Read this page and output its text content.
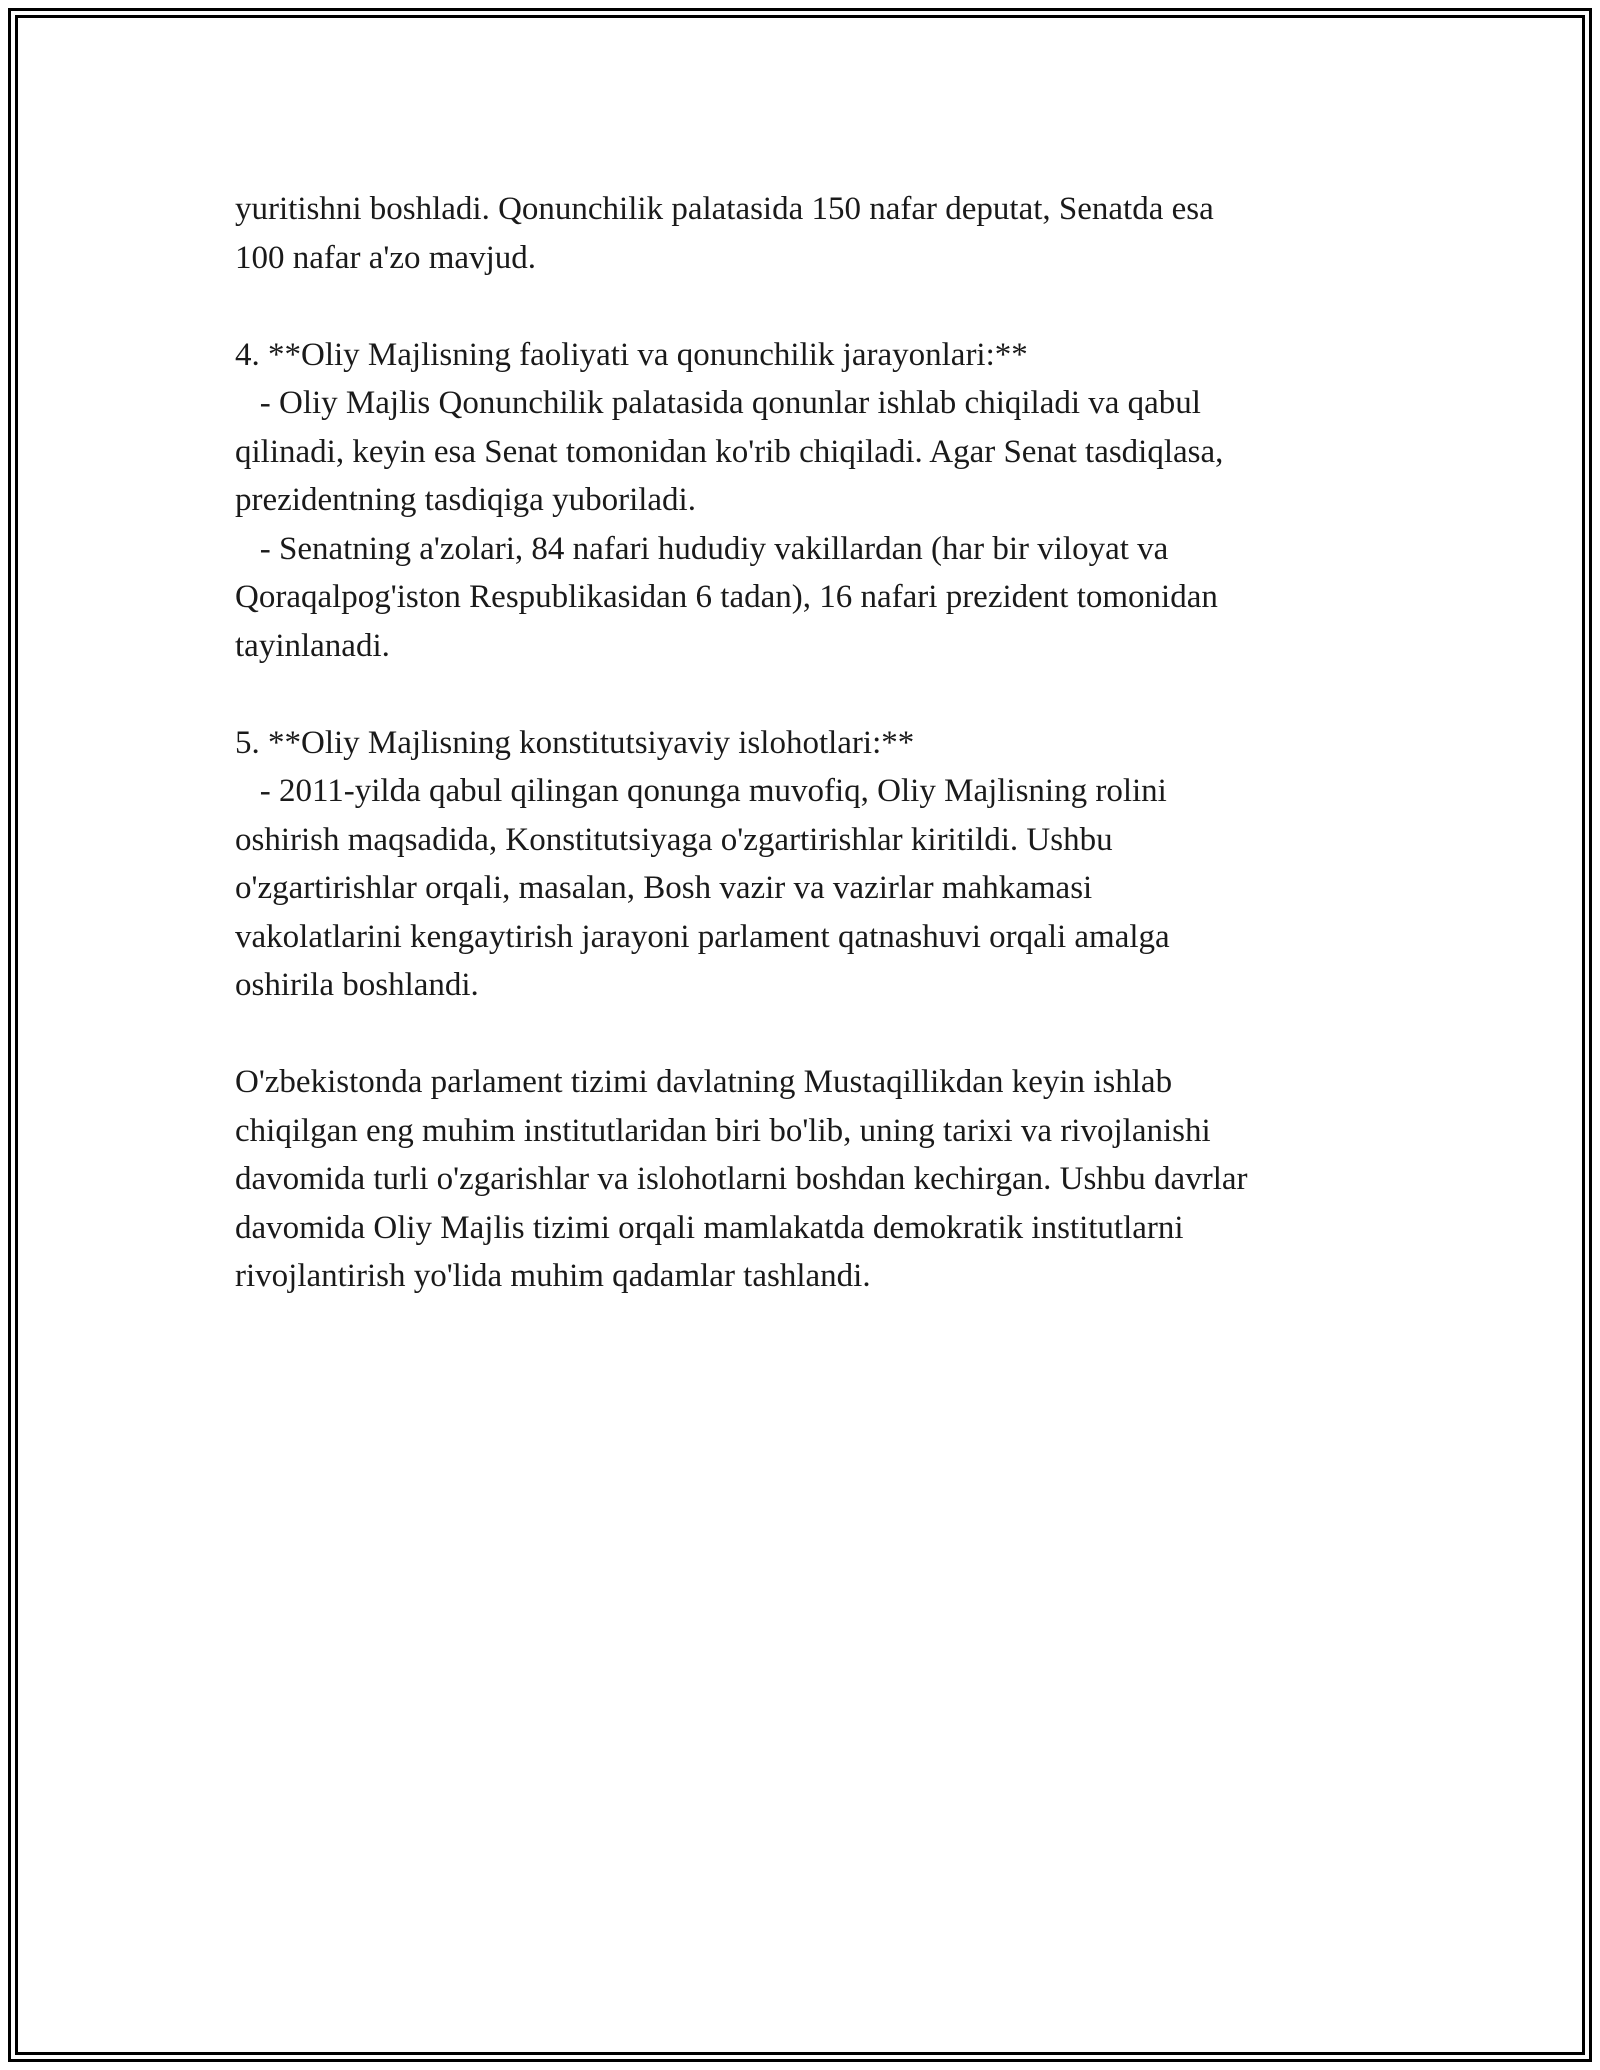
yuritishni boshladi. Qonunchilik palatasida 150 nafar deputat, Senatda esa
100 nafar a'zo mavjud.
4. **Oliy Majlisning faoliyati va qonunchilik jarayonlari:**
- Oliy Majlis Qonunchilik palatasida qonunlar ishlab chiqiladi va qabul
qilinadi, keyin esa Senat tomonidan ko'rib chiqiladi. Agar Senat tasdiqlasa,
prezidentning tasdiqiga yuboriladi.
- Senatning a'zolari, 84 nafari hududiy vakillardan (har bir viloyat va
Qoraqalpog'iston Respublikasidan 6 tadan), 16 nafari prezident tomonidan
tayinlanadi.
5. **Oliy Majlisning konstitutsiyaviy islohotlari:**
- 2011-yilda qabul qilingan qonunga muvofiq, Oliy Majlisning rolini
oshirish maqsadida, Konstitutsiyaga o'zgartirishlar kiritildi. Ushbu
o'zgartirishlar orqali, masalan, Bosh vazir va vazirlar mahkamasi
vakolatlarini kengaytirish jarayoni parlament qatnashuvi orqali amalga
oshirila boshlandi.
O'zbekistonda parlament tizimi davlatning Mustaqillikdan keyin ishlab
chiqilgan eng muhim institutlaridan biri bo'lib, uning tarixi va rivojlanishi
davomida turli o'zgarishlar va islohotlarni boshdan kechirgan. Ushbu davrlar
davomida Oliy Majlis tizimi orqali mamlakatda demokratik institutlarni
rivojlantirish yo'lida muhim qadamlar tashlandi.
